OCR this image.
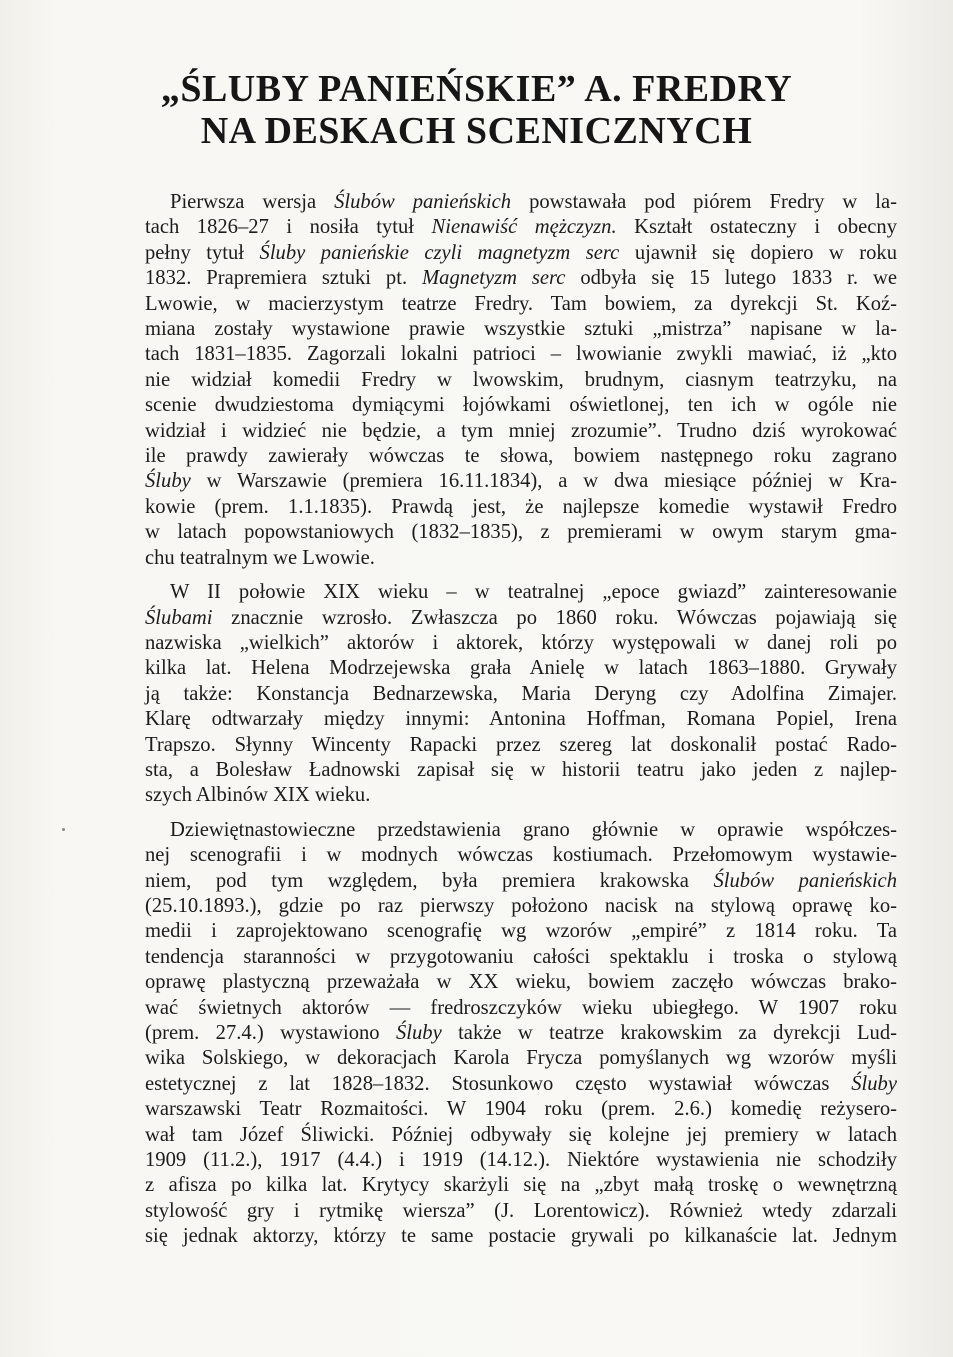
„ŚLUBY PANIEŃSKIE” A. FREDRY
NA DESKACH SCENICZNYCH
Pierwsza wersja Ślubów panieńskich powstawała pod piórem Fredry w la-
tach 1826–27 i nosiła tytuł Nienawiść mężczyzn. Kształt ostateczny i obecny
pełny tytuł Śluby panieńskie czyli magnetyzm serc ujawnił się dopiero w roku
1832. Prapremiera sztuki pt. Magnetyzm serc odbyła się 15 lutego 1833 r. we
Lwowie, w macierzystym teatrze Fredry. Tam bowiem, za dyrekcji St. Koź-
miana zostały wystawione prawie wszystkie sztuki „mistrza” napisane w la-
tach 1831–1835. Zagorzali lokalni patrioci – lwowianie zwykli mawiać, iż „kto
nie widział komedii Fredry w lwowskim, brudnym, ciasnym teatrzyku, na
scenie dwudziestoma dymiącymi łojówkami oświetlonej, ten ich w ogóle nie
widział i widzieć nie będzie, a tym mniej zrozumie”. Trudno dziś wyrokować
ile prawdy zawierały wówczas te słowa, bowiem następnego roku zagrano
Śluby w Warszawie (premiera 16.11.1834), a w dwa miesiące później w Kra-
kowie (prem. 1.1.1835). Prawdą jest, że najlepsze komedie wystawił Fredro
w latach popowstaniowych (1832–1835), z premierami w owym starym gma-
chu teatralnym we Lwowie.
W II połowie XIX wieku – w teatralnej „epoce gwiazd” zainteresowanie
Ślubami znacznie wzrosło. Zwłaszcza po 1860 roku. Wówczas pojawiają się
nazwiska „wielkich” aktorów i aktorek, którzy występowali w danej roli po
kilka lat. Helena Modrzejewska grała Anielę w latach 1863–1880. Grywały
ją także: Konstancja Bednarzewska, Maria Deryng czy Adolfina Zimajer.
Klarę odtwarzały między innymi: Antonina Hoffman, Romana Popiel, Irena
Trapszo. Słynny Wincenty Rapacki przez szereg lat doskonalił postać Rado-
sta, a Bolesław Ładnowski zapisał się w historii teatru jako jeden z najlep-
szych Albinów XIX wieku.
Dziewiętnastowieczne przedstawienia grano głównie w oprawie współczes-
nej scenografii i w modnych wówczas kostiumach. Przełomowym wystawie-
niem, pod tym względem, była premiera krakowska Ślubów panieńskich
(25.10.1893.), gdzie po raz pierwszy położono nacisk na stylową oprawę ko-
medii i zaprojektowano scenografię wg wzorów „empiré” z 1814 roku. Ta
tendencja staranności w przygotowaniu całości spektaklu i troska o stylową
oprawę plastyczną przeważała w XX wieku, bowiem zaczęło wówczas brako-
wać świetnych aktorów — fredroszczyków wieku ubiegłego. W 1907 roku
(prem. 27.4.) wystawiono Śluby także w teatrze krakowskim za dyrekcji Lud-
wika Solskiego, w dekoracjach Karola Frycza pomyślanych wg wzorów myśli
estetycznej z lat 1828–1832. Stosunkowo często wystawiał wówczas Śluby
warszawski Teatr Rozmaitości. W 1904 roku (prem. 2.6.) komedię reżysero-
wał tam Józef Śliwicki. Później odbywały się kolejne jej premiery w latach
1909 (11.2.), 1917 (4.4.) i 1919 (14.12.). Niektóre wystawienia nie schodziły
z afisza po kilka lat. Krytycy skarżyli się na „zbyt małą troskę o wewnętrzną
stylowość gry i rytmikę wiersza” (J. Lorentowicz). Również wtedy zdarzali
się jednak aktorzy, którzy te same postacie grywali po kilkanaście lat. Jednym
